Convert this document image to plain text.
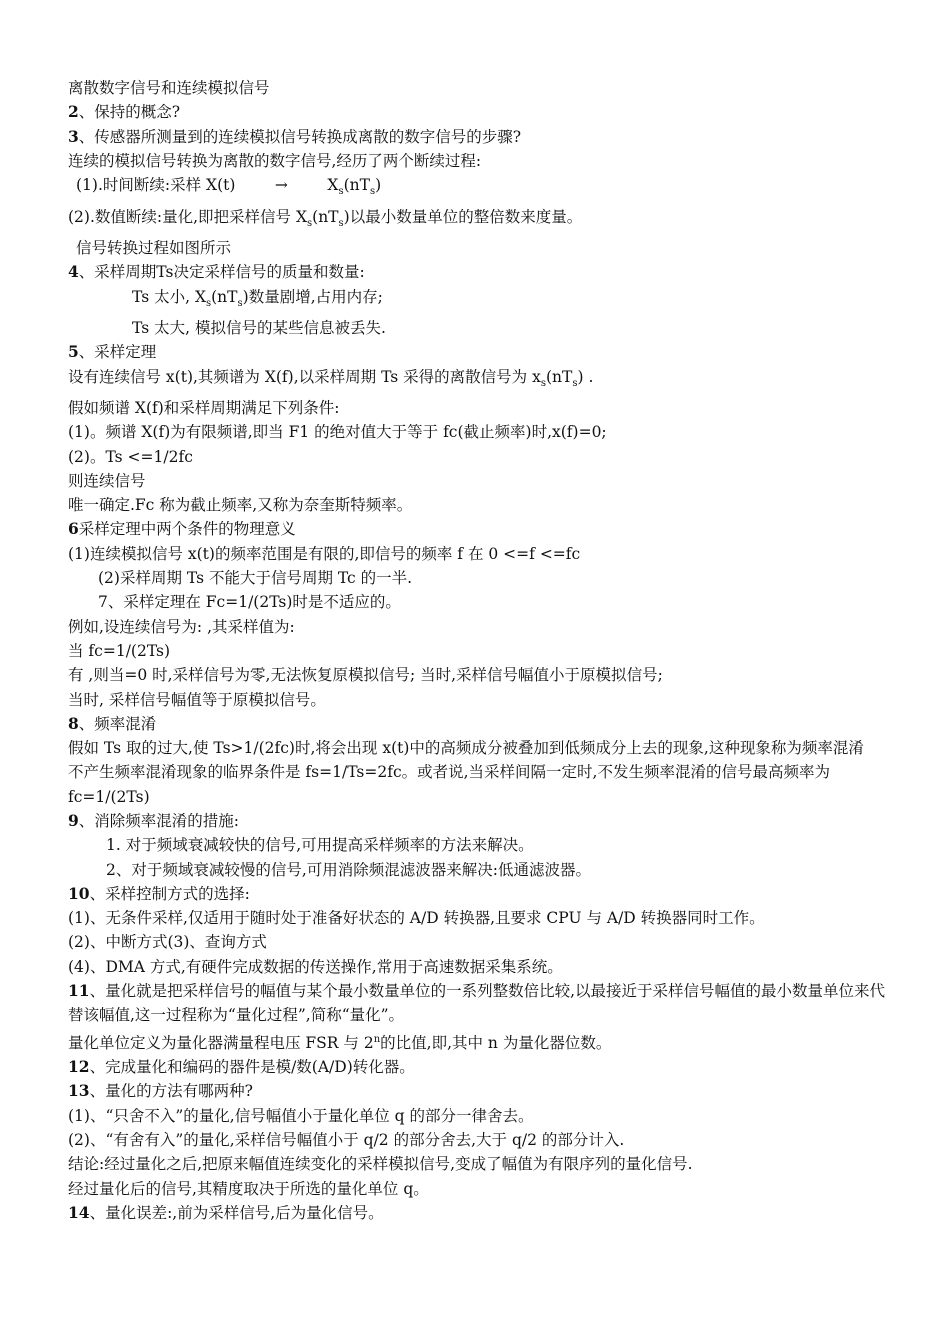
离散数字信号和连续模拟信号
2、保持的概念?
3、传感器所测量到的连续模拟信号转换成离散的数字信号的步骤?
连续的模拟信号转换为离散的数字信号,经历了两个断续过程:
(1).时间断续:采样 X(t)	→	$X_s(nT_s)$
(2).数值断续:量化,即把采样信号 $X_s(nT_s)$以最小数量单位的整倍数来度量。
信号转换过程如图所示
4、采样周期Ts决定采样信号的质量和数量:
Ts 太小, $X_s(nT_s)$数量剧增,占用内存;
Ts 太大, 模拟信号的某些信息被丢失.
5、采样定理
设有连续信号 x(t),其频谱为 X(f),以采样周期 Ts 采得的离散信号为 $x_s(nT_s)$ .
假如频谱 X(f)和采样周期满足下列条件:
(1)。频谱 X(f)为有限频谱,即当 F1 的绝对值大于等于 fc(截止频率)时,x(f)=0;
(2)。Ts <=1/2fc
则连续信号
唯一确定.Fc 称为截止频率,又称为奈奎斯特频率。
6采样定理中两个条件的物理意义
(1)连续模拟信号 x(t)的频率范围是有限的,即信号的频率 f 在 0 <=f <=fc
(2)采样周期 Ts 不能大于信号周期 Tc 的一半.
7、采样定理在 Fc=1/(2Ts)时是不适应的。
例如,设连续信号为: ,其采样值为:
当 fc=1/(2Ts)
有 ,则当=0 时,采样信号为零,无法恢复原模拟信号; 当时,采样信号幅值小于原模拟信号;
当时, 采样信号幅值等于原模拟信号。
8、频率混淆
假如 Ts 取的过大,使 Ts>1/(2fc)时,将会出现 x(t)中的高频成分被叠加到低频成分上去的现象,这种现象称为频率混淆
不产生频率混淆现象的临界条件是 fs=1/Ts=2fc。或者说,当采样间隔一定时,不发生频率混淆的信号最高频率为 fc=1/(2Ts)
9、消除频率混淆的措施:
1. 对于频域衰减较快的信号,可用提高采样频率的方法来解决。
2、对于频域衰减较慢的信号,可用消除频混滤波器来解决:低通滤波器。
10、采样控制方式的选择:
(1)、无条件采样,仅适用于随时处于准备好状态的 A/D 转换器,且要求 CPU 与 A/D 转换器同时工作。
(2)、中断方式(3)、查询方式
(4)、DMA 方式,有硬件完成数据的传送操作,常用于高速数据采集系统。
11、量化就是把采样信号的幅值与某个最小数量单位的一系列整数倍比较,以最接近于采样信号幅值的最小数量单位来代替该幅值,这一过程称为“量化过程”,简称“量化”。
量化单位定义为量化器满量程电压 FSR 与 2$^n$的比值,即,其中 n 为量化器位数。
12、完成量化和编码的器件是模/数(A/D)转化器。
13、量化的方法有哪两种?
(1)、“只舍不入”的量化,信号幅值小于量化单位 q 的部分一律舍去。
(2)、“有舍有入”的量化,采样信号幅值小于 q/2 的部分舍去,大于 q/2 的部分计入.
结论:经过量化之后,把原来幅值连续变化的采样模拟信号,变成了幅值为有限序列的量化信号.
经过量化后的信号,其精度取决于所选的量化单位 q。
14、量化误差:,前为采样信号,后为量化信号。
